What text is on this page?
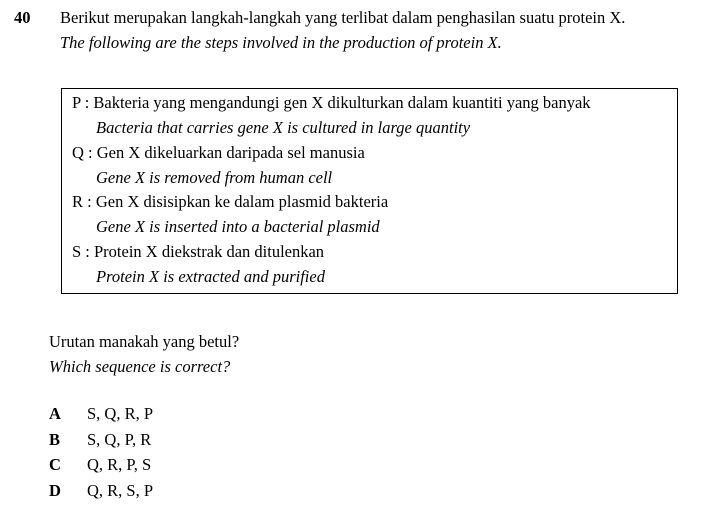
40 Berikut merupakan langkah-langkah yang terlibat dalam penghasilan suatu protein X.
The following are the steps involved in the production of protein X.
P : Bakteria yang mengandungi gen X dikulturkan dalam kuantiti yang banyak
Bacteria that carries gene X is cultured in large quantity
Q : Gen X dikeluarkan daripada sel manusia
Gene X is removed from human cell
R : Gen X disisipkan ke dalam plasmid bakteria
Gene X is inserted into a bacterial plasmid
S : Protein X diekstrak dan ditulenkan
Protein X is extracted and purified
Urutan manakah yang betul?
Which sequence is correct?
A S, Q, R, P
B S, Q, P, R
C Q, R, P, S
D Q, R, S, P
